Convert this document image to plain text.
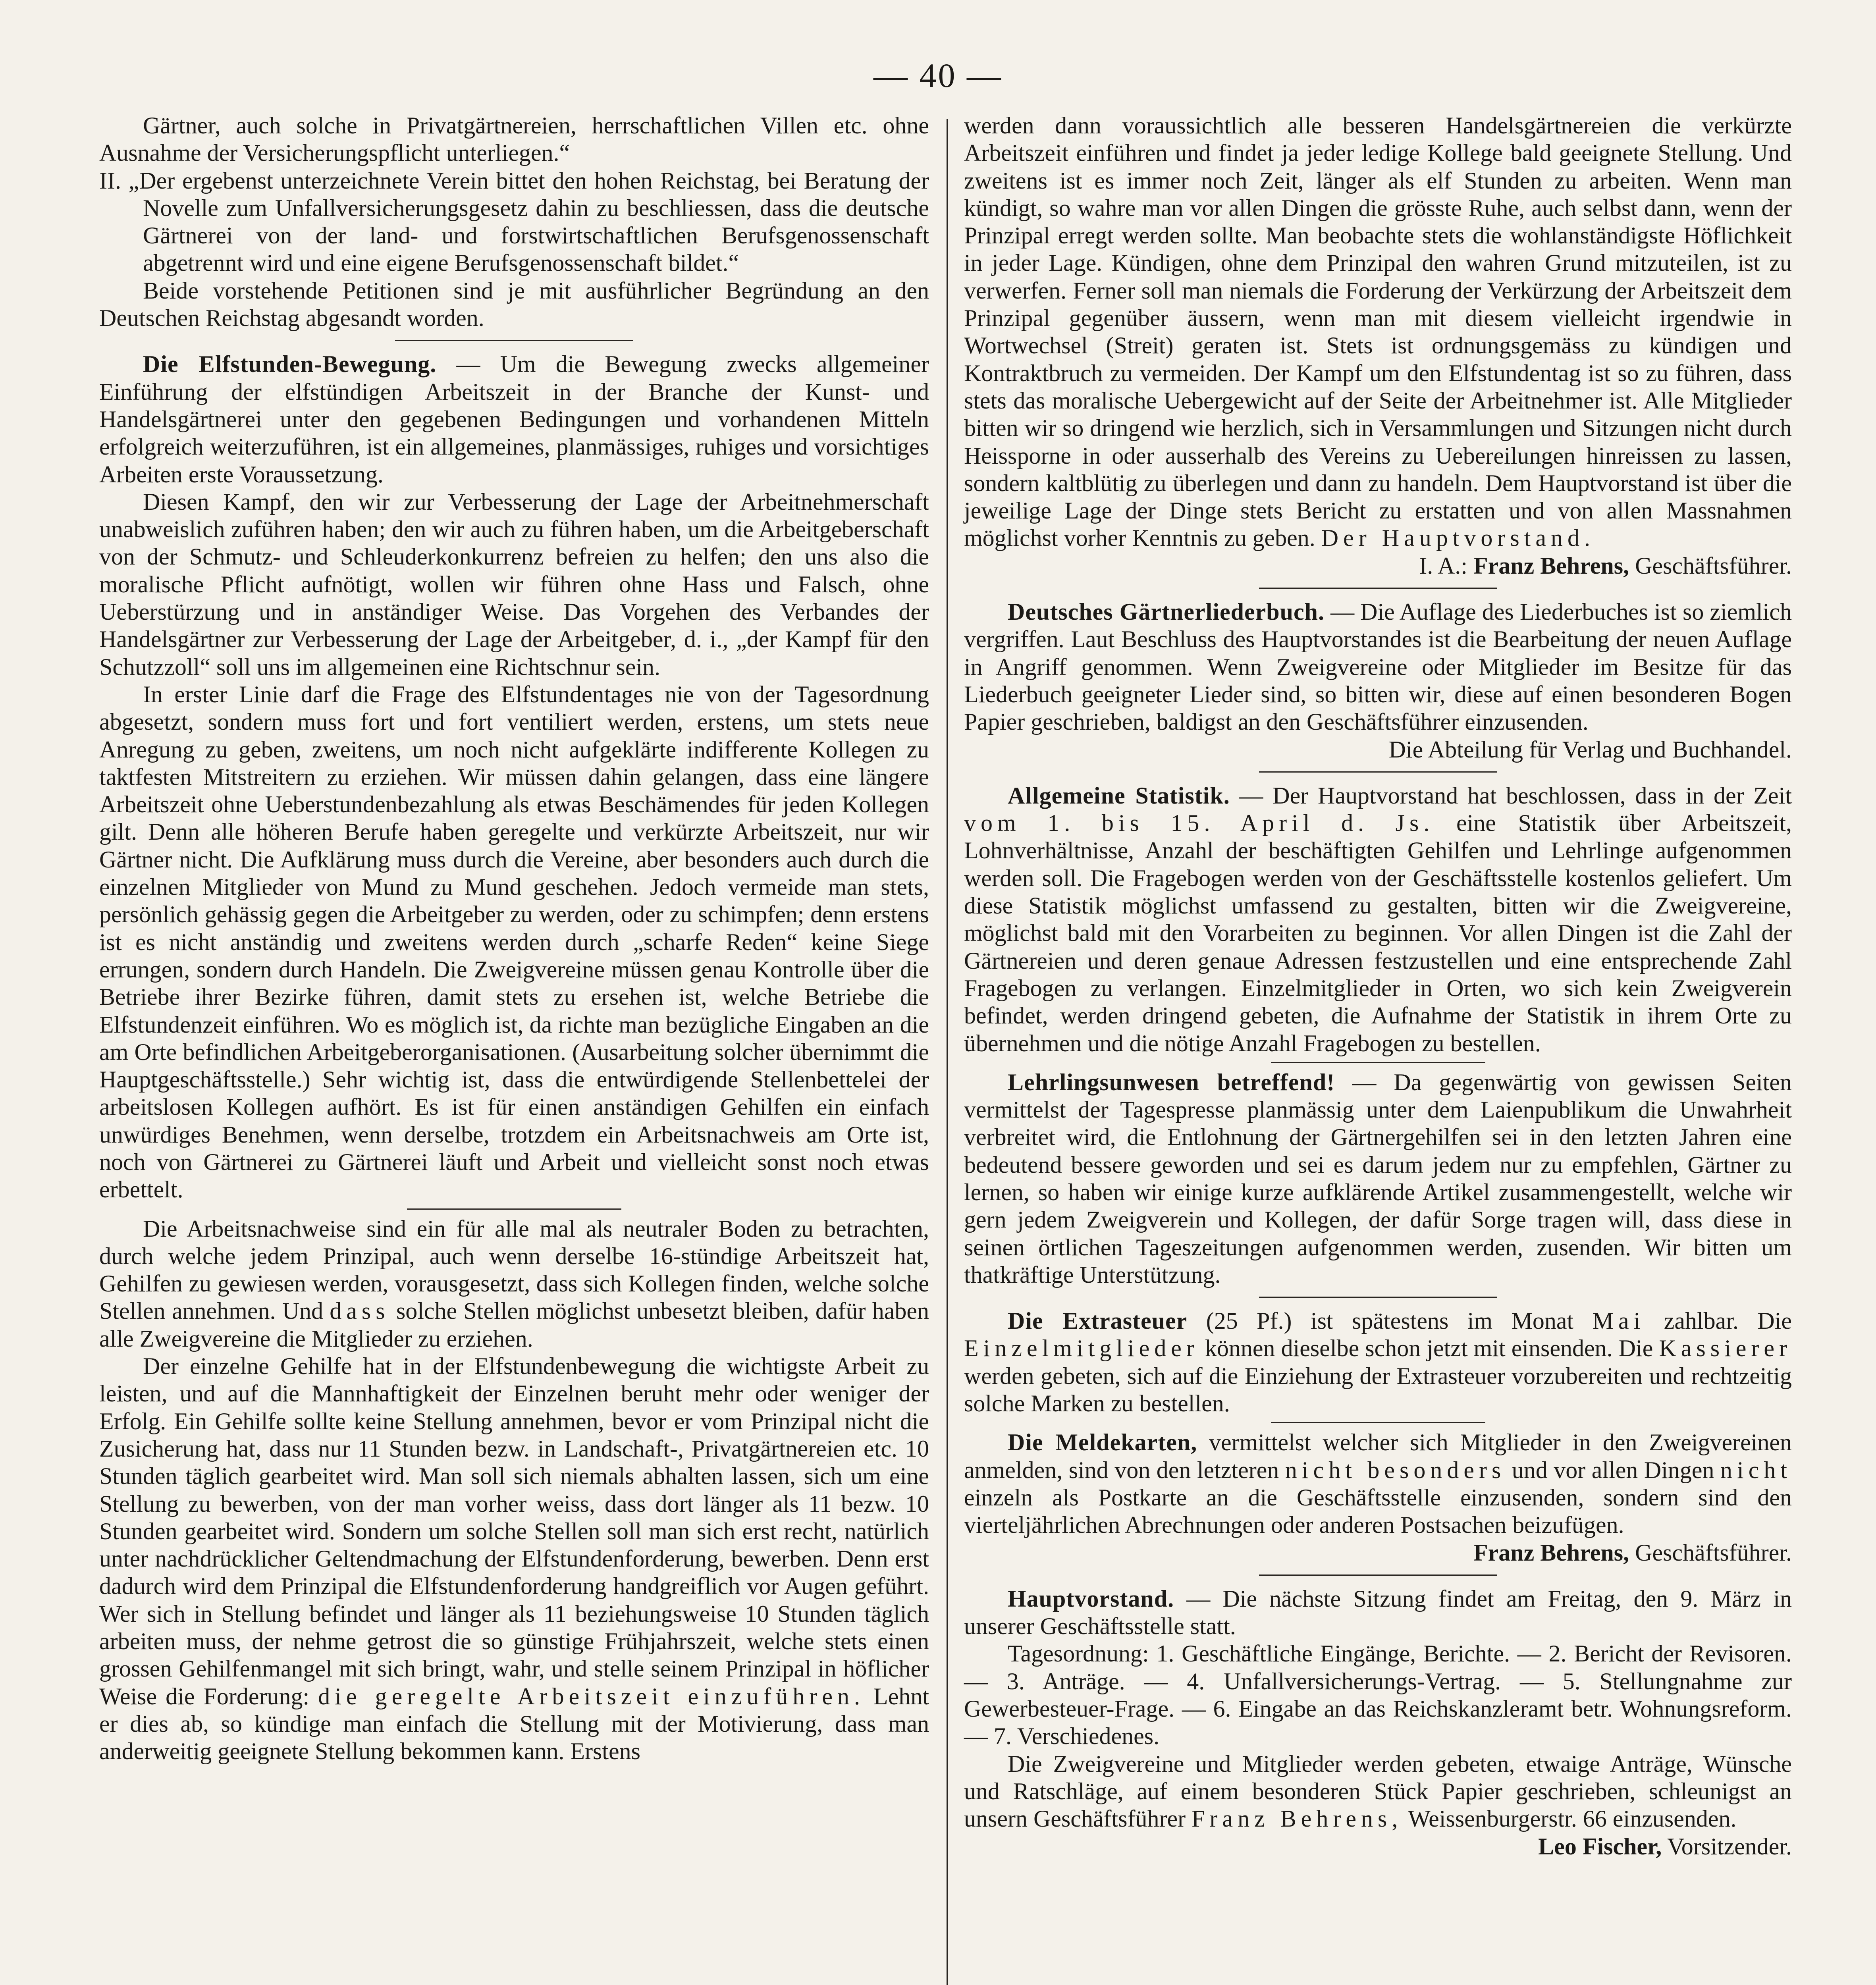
— 40 —

Gärtner, auch solche in Privatgärtnereien, herrschaftlichen Villen etc. ohne Ausnahme der Versicherungspflicht unterliegen.“

II. „Der ergebenst unterzeichnete Verein bittet den hohen Reichstag, bei Beratung der Novelle zum Unfallversicherungsgesetz dahin zu beschliessen, dass die deutsche Gärtnerei von der land- und forstwirtschaftlichen Berufsgenossenschaft abgetrennt wird und eine eigene Berufsgenossenschaft bildet.“

Beide vorstehende Petitionen sind je mit ausführlicher Begründung an den Deutschen Reichstag abgesandt worden.

Die Elfstunden-Bewegung. — Um die Bewegung zwecks allgemeiner Einführung der elfstündigen Arbeitszeit in der Branche der Kunst- und Handelsgärtnerei unter den gegebenen Bedingungen und vorhandenen Mitteln erfolgreich weiterzuführen, ist ein allgemeines, planmässiges, ruhiges und vorsichtiges Arbeiten erste Voraussetzung.

Diesen Kampf, den wir zur Verbesserung der Lage der Arbeitnehmerschaft unabweislich zuführen haben; den wir auch zu führen haben, um die Arbeitgeberschaft von der Schmutz- und Schleuderkonkurrenz befreien zu helfen; den uns also die moralische Pflicht aufnötigt, wollen wir führen ohne Hass und Falsch, ohne Ueberstürzung und in anständiger Weise. Das Vorgehen des Verbandes der Handelsgärtner zur Verbesserung der Lage der Arbeitgeber, d. i., „der Kampf für den Schutzzoll“ soll uns im allgemeinen eine Richtschnur sein.

In erster Linie darf die Frage des Elfstundentages nie von der Tagesordnung abgesetzt, sondern muss fort und fort ventiliert werden, erstens, um stets neue Anregung zu geben, zweitens, um noch nicht aufgeklärte indifferente Kollegen zu taktfesten Mitstreitern zu erziehen. Wir müssen dahin gelangen, dass eine längere Arbeitszeit ohne Ueberstundenbezahlung als etwas Beschämendes für jeden Kollegen gilt. Denn alle höheren Berufe haben geregelte und verkürzte Arbeitszeit, nur wir Gärtner nicht. Die Aufklärung muss durch die Vereine, aber besonders auch durch die einzelnen Mitglieder von Mund zu Mund geschehen. Jedoch vermeide man stets, persönlich gehässig gegen die Arbeitgeber zu werden, oder zu schimpfen; denn erstens ist es nicht anständig und zweitens werden durch „scharfe Reden“ keine Siege errungen, sondern durch Handeln. Die Zweigvereine müssen genau Kontrolle über die Betriebe ihrer Bezirke führen, damit stets zu ersehen ist, welche Betriebe die Elfstundenzeit einführen. Wo es möglich ist, da richte man bezügliche Eingaben an die am Orte befindlichen Arbeitgeberorganisationen. (Ausarbeitung solcher übernimmt die Hauptgeschäftsstelle.) Sehr wichtig ist, dass die entwürdigende Stellenbettelei der arbeitslosen Kollegen aufhört. Es ist für einen anständigen Gehilfen ein einfach unwürdiges Benehmen, wenn derselbe, trotzdem ein Arbeitsnachweis am Orte ist, noch von Gärtnerei zu Gärtnerei läuft und Arbeit und vielleicht sonst noch etwas erbettelt.

Die Arbeitsnachweise sind ein für alle mal als neutraler Boden zu betrachten, durch welche jedem Prinzipal, auch wenn derselbe 16-stündige Arbeitszeit hat, Gehilfen zu gewiesen werden, vorausgesetzt, dass sich Kollegen finden, welche solche Stellen annehmen. Und dass solche Stellen möglichst unbesetzt bleiben, dafür haben alle Zweigvereine die Mitglieder zu erziehen.

Der einzelne Gehilfe hat in der Elfstundenbewegung die wichtigste Arbeit zu leisten, und auf die Mannhaftigkeit der Einzelnen beruht mehr oder weniger der Erfolg. Ein Gehilfe sollte keine Stellung annehmen, bevor er vom Prinzipal nicht die Zusicherung hat, dass nur 11 Stunden bezw. in Landschaft-, Privatgärtnereien etc. 10 Stunden täglich gearbeitet wird. Man soll sich niemals abhalten lassen, sich um eine Stellung zu bewerben, von der man vorher weiss, dass dort länger als 11 bezw. 10 Stunden gearbeitet wird. Sondern um solche Stellen soll man sich erst recht, natürlich unter nachdrücklicher Geltendmachung der Elfstundenforderung, bewerben. Denn erst dadurch wird dem Prinzipal die Elfstundenforderung handgreiflich vor Augen geführt. Wer sich in Stellung befindet und länger als 11 beziehungsweise 10 Stunden täglich arbeiten muss, der nehme getrost die so günstige Frühjahrszeit, welche stets einen grossen Gehilfenmangel mit sich bringt, wahr, und stelle seinem Prinzipal in höflicher Weise die Forderung: die geregelte Arbeitszeit einzuführen. Lehnt er dies ab, so kündige man einfach die Stellung mit der Motivierung, dass man anderweitig geeignete Stellung bekommen kann. Erstens

werden dann voraussichtlich alle besseren Handelsgärtnereien die verkürzte Arbeitszeit einführen und findet ja jeder ledige Kollege bald geeignete Stellung. Und zweitens ist es immer noch Zeit, länger als elf Stunden zu arbeiten. Wenn man kündigt, so wahre man vor allen Dingen die grösste Ruhe, auch selbst dann, wenn der Prinzipal erregt werden sollte. Man beobachte stets die wohlanständigste Höflichkeit in jeder Lage. Kündigen, ohne dem Prinzipal den wahren Grund mitzuteilen, ist zu verwerfen. Ferner soll man niemals die Forderung der Verkürzung der Arbeitszeit dem Prinzipal gegenüber äussern, wenn man mit diesem vielleicht irgendwie in Wortwechsel (Streit) geraten ist. Stets ist ordnungsgemäss zu kündigen und Kontraktbruch zu vermeiden. Der Kampf um den Elfstundentag ist so zu führen, dass stets das moralische Uebergewicht auf der Seite der Arbeitnehmer ist. Alle Mitglieder bitten wir so dringend wie herzlich, sich in Versammlungen und Sitzungen nicht durch Heissporne in oder ausserhalb des Vereins zu Uebereilungen hinreissen zu lassen, sondern kaltblütig zu überlegen und dann zu handeln. Dem Hauptvorstand ist über die jeweilige Lage der Dinge stets Bericht zu erstatten und von allen Massnahmen möglichst vorher Kenntnis zu geben. Der Hauptvorstand.

I. A.: Franz Behrens, Geschäftsführer.

Deutsches Gärtnerliederbuch. — Die Auflage des Liederbuches ist so ziemlich vergriffen. Laut Beschluss des Hauptvorstandes ist die Bearbeitung der neuen Auflage in Angriff genommen. Wenn Zweigvereine oder Mitglieder im Besitze für das Liederbuch geeigneter Lieder sind, so bitten wir, diese auf einen besonderen Bogen Papier geschrieben, baldigst an den Geschäftsführer einzusenden.

Die Abteilung für Verlag und Buchhandel.

Allgemeine Statistik. — Der Hauptvorstand hat beschlossen, dass in der Zeit vom 1. bis 15. April d. Js. eine Statistik über Arbeitszeit, Lohnverhältnisse, Anzahl der beschäftigten Gehilfen und Lehrlinge aufgenommen werden soll. Die Fragebogen werden von der Geschäftsstelle kostenlos geliefert. Um diese Statistik möglichst umfassend zu gestalten, bitten wir die Zweigvereine, möglichst bald mit den Vorarbeiten zu beginnen. Vor allen Dingen ist die Zahl der Gärtnereien und deren genaue Adressen festzustellen und eine entsprechende Zahl Fragebogen zu verlangen. Einzelmitglieder in Orten, wo sich kein Zweigverein befindet, werden dringend gebeten, die Aufnahme der Statistik in ihrem Orte zu übernehmen und die nötige Anzahl Fragebogen zu bestellen.

Lehrlingsunwesen betreffend! — Da gegenwärtig von gewissen Seiten vermittelst der Tagespresse planmässig unter dem Laienpublikum die Unwahrheit verbreitet wird, die Entlohnung der Gärtnergehilfen sei in den letzten Jahren eine bedeutend bessere geworden und sei es darum jedem nur zu empfehlen, Gärtner zu lernen, so haben wir einige kurze aufklärende Artikel zusammengestellt, welche wir gern jedem Zweigverein und Kollegen, der dafür Sorge tragen will, dass diese in seinen örtlichen Tageszeitungen aufgenommen werden, zusenden. Wir bitten um thatkräftige Unterstützung.

Die Extrasteuer (25 Pf.) ist spätestens im Monat Mai zahlbar. Die Einzelmitglieder können dieselbe schon jetzt mit einsenden. Die Kassierer werden gebeten, sich auf die Einziehung der Extrasteuer vorzubereiten und rechtzeitig solche Marken zu bestellen.

Die Meldekarten, vermittelst welcher sich Mitglieder in den Zweigvereinen anmelden, sind von den letzteren nicht besonders und vor allen Dingen nicht einzeln als Postkarte an die Geschäftsstelle einzusenden, sondern sind den vierteljährlichen Abrechnungen oder anderen Postsachen beizufügen.

Franz Behrens, Geschäftsführer.

Hauptvorstand. — Die nächste Sitzung findet am Freitag, den 9. März in unserer Geschäftsstelle statt.

Tagesordnung: 1. Geschäftliche Eingänge, Berichte. — 2. Bericht der Revisoren. — 3. Anträge. — 4. Unfallversicherungs-Vertrag. — 5. Stellungnahme zur Gewerbesteuer-Frage. — 6. Eingabe an das Reichskanzleramt betr. Wohnungsreform. — 7. Verschiedenes.

Die Zweigvereine und Mitglieder werden gebeten, etwaige Anträge, Wünsche und Ratschläge, auf einem besonderen Stück Papier geschrieben, schleunigst an unsern Geschäftsführer Franz Behrens, Weissenburgerstr. 66 einzusenden.

Leo Fischer, Vorsitzender.
